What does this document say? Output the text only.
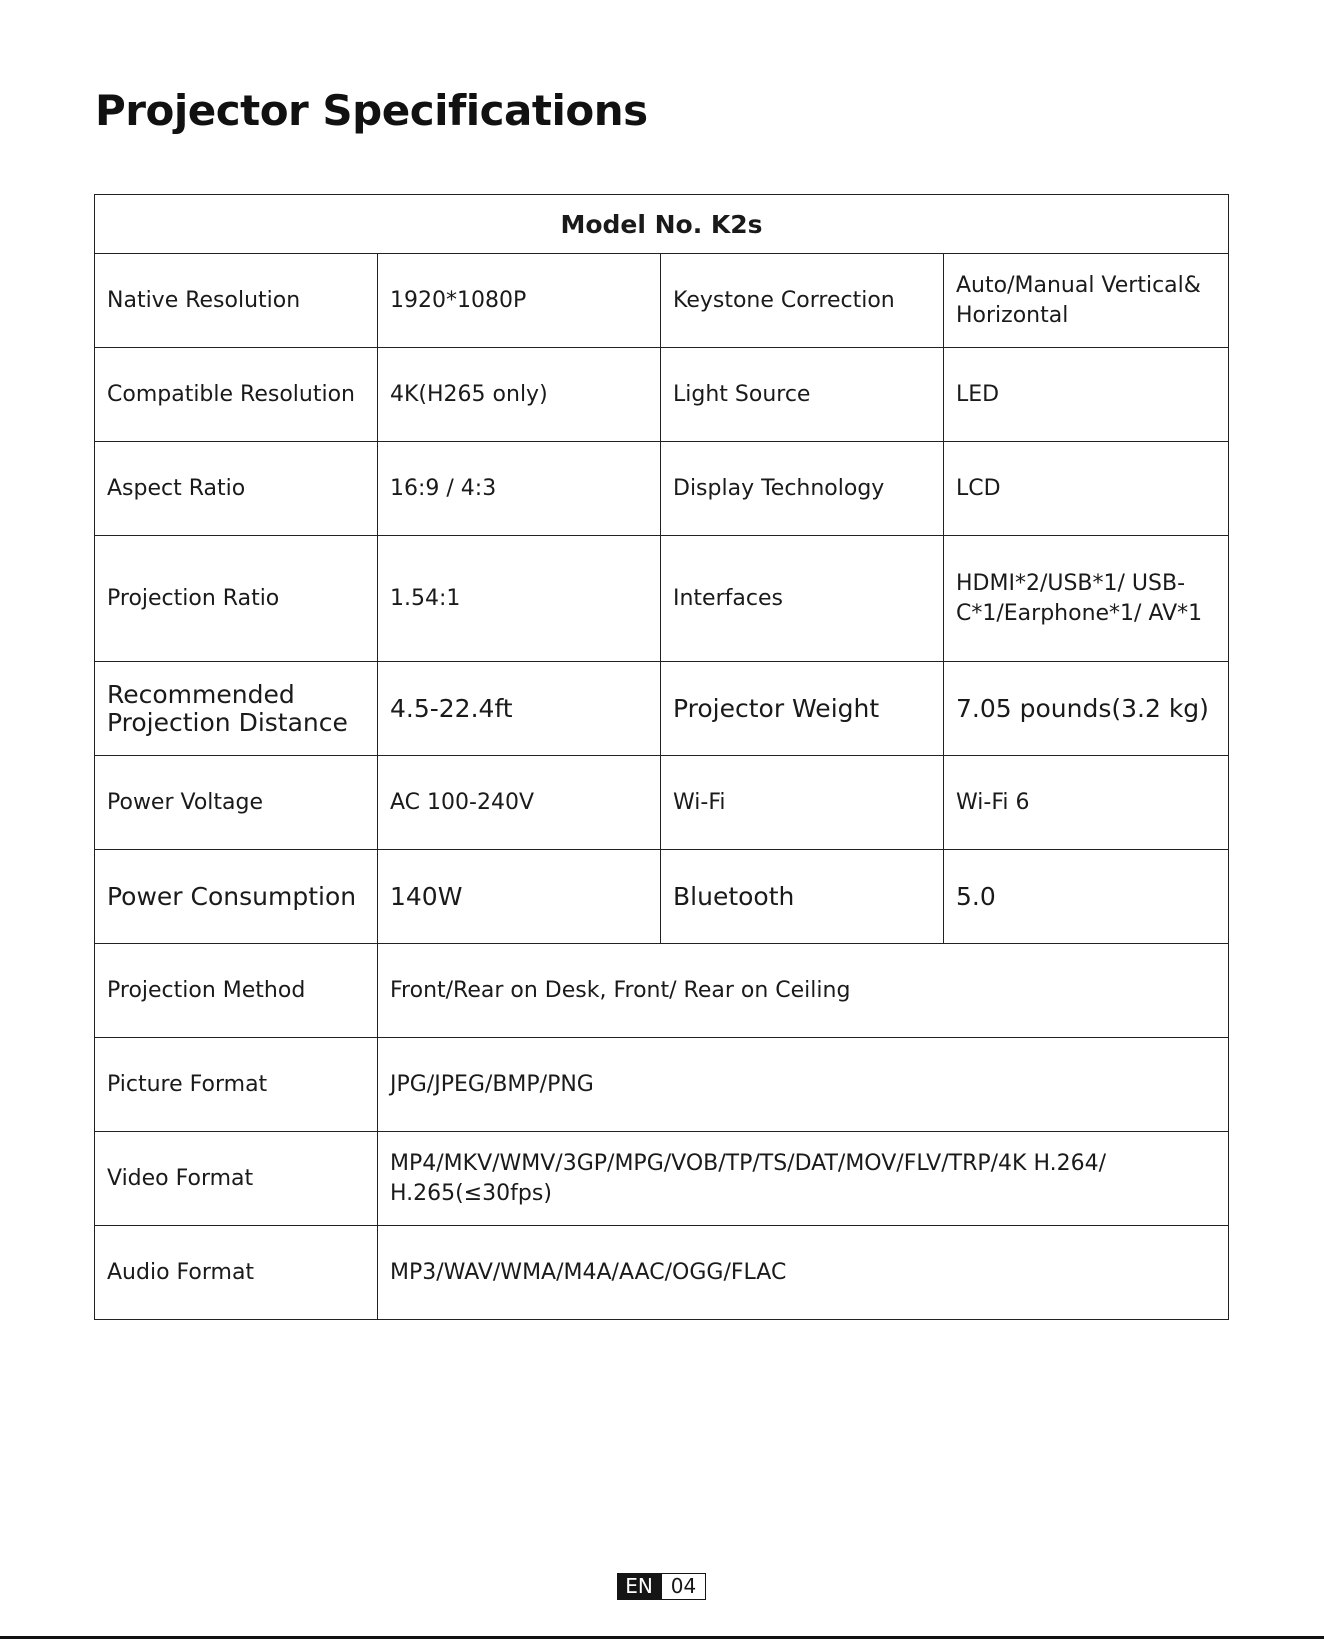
Projector Specifications
Model No. K2s			
Native Resolution	1920*1080P	Keystone Correction	Auto/Manual Vertical& Horizontal
Compatible Resolution	4K(H265 only)	Light Source	LED
Aspect Ratio	16:9 / 4:3	Display Technology	LCD
Projection Ratio	1.54:1	Interfaces	HDMI*2/USB*1/ USB-C*1/Earphone*1/ AV*1
Recommended Projection Distance	4.5-22.4ft	Projector Weight	7.05 pounds(3.2 kg)
Power Voltage	AC 100-240V	Wi-Fi	Wi-Fi 6
Power Consumption	140W	Bluetooth	5.0
Projection Method	Front/Rear on Desk, Front/ Rear on Ceiling		
Picture Format	JPG/JPEG/BMP/PNG		
Video Format	MP4/MKV/WMV/3GP/MPG/VOB/TP/TS/DAT/MOV/FLV/TRP/4K H.264/ H.265(≤30fps)		
Audio Format	MP3/WAV/WMA/M4A/AAC/OGG/FLAC		
EN 04
